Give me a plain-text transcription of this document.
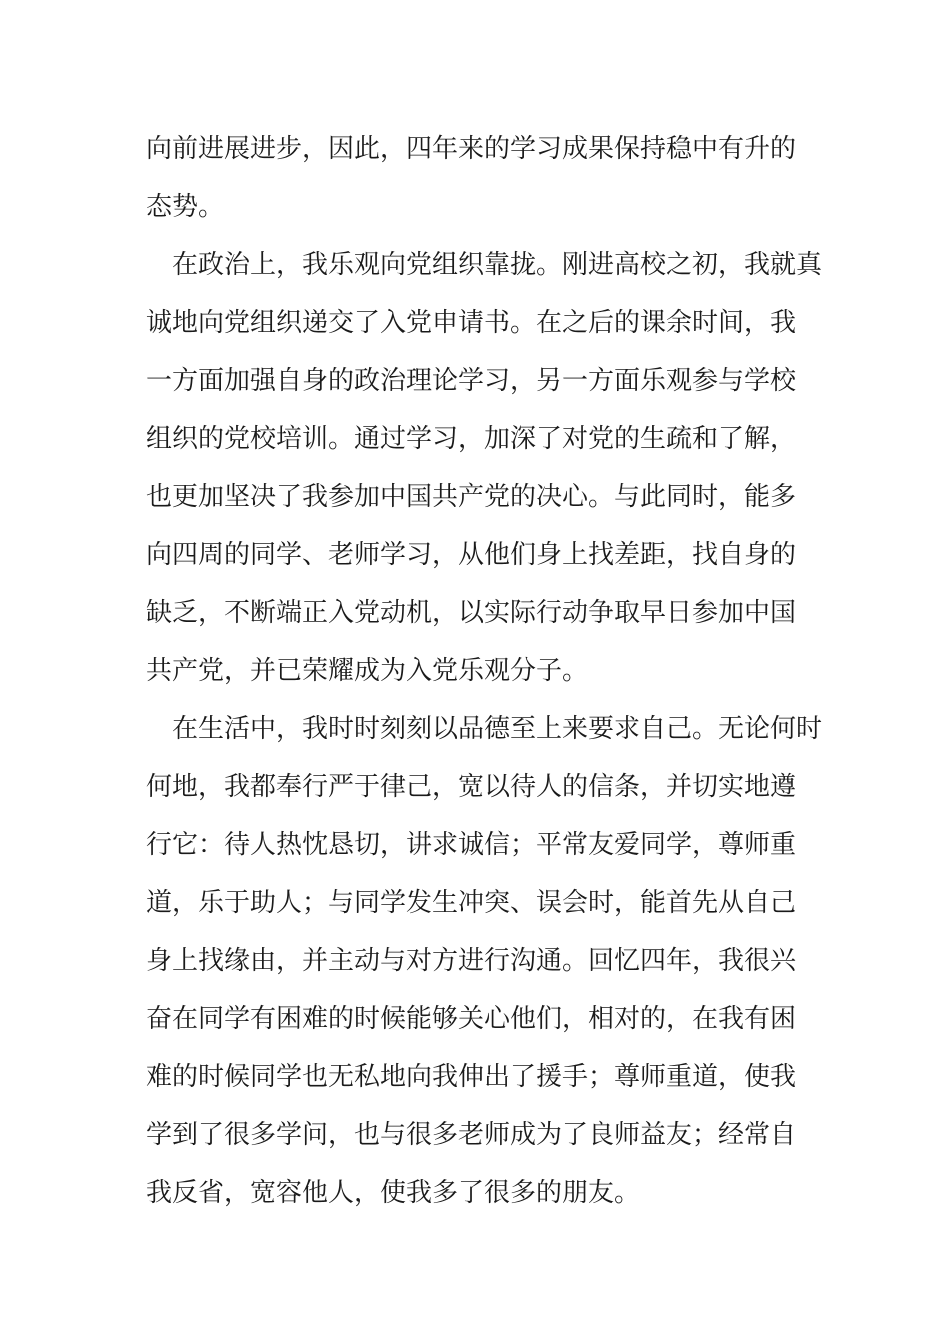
向前进展进步，因此，四年来的学习成果保持稳中有升的
态势。
在政治上，我乐观向党组织靠拢。刚进高校之初，我就真
诚地向党组织递交了入党申请书。在之后的课余时间，我
一方面加强自身的政治理论学习，另一方面乐观参与学校
组织的党校培训。通过学习，加深了对党的生疏和了解，
也更加坚决了我参加中国共产党的决心。与此同时，能多
向四周的同学、老师学习，从他们身上找差距，找自身的
缺乏，不断端正入党动机，以实际行动争取早日参加中国
共产党，并已荣耀成为入党乐观分子。
在生活中，我时时刻刻以品德至上来要求自己。无论何时
何地，我都奉行严于律己，宽以待人的信条，并切实地遵
行它：待人热忱恳切，讲求诚信；平常友爱同学，尊师重
道，乐于助人；与同学发生冲突、误会时，能首先从自己
身上找缘由，并主动与对方进行沟通。回忆四年，我很兴
奋在同学有困难的时候能够关心他们，相对的，在我有困
难的时候同学也无私地向我伸出了援手；尊师重道，使我
学到了很多学问，也与很多老师成为了良师益友；经常自
我反省，宽容他人，使我多了很多的朋友。
